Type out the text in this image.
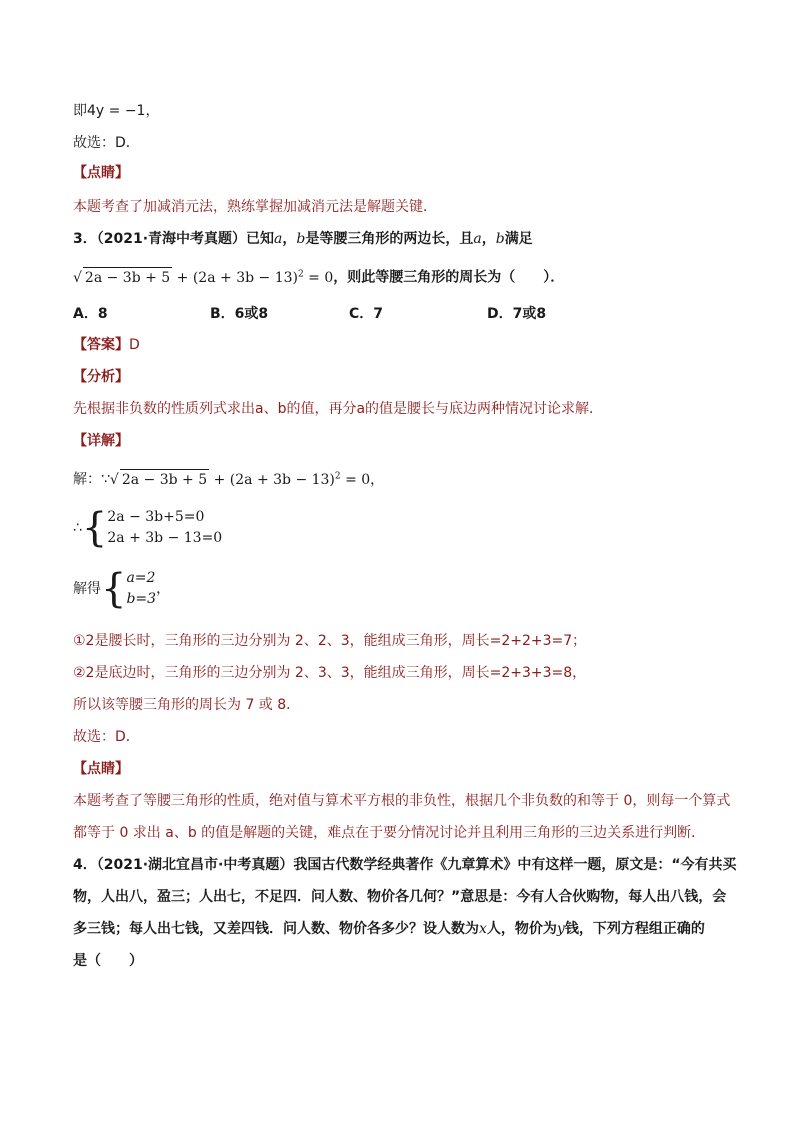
即4y = −1，
故选：D．
【点睛】
本题考查了加减消元法，熟练掌握加减消元法是解题关键．
3．（2021·青海中考真题）已知a，b是等腰三角形的两边长，且a，b满足
√ $2a - 3b + 5 + (2a + 3b - 13)^2 = 0$，则此等腰三角形的周长为（　　）．
A．8	B．6或8	C．7	D．7或8
【答案】D
【分析】
先根据非负数的性质列式求出a、b的值，再分a的值是腰长与底边两种情况讨论求解．
【详解】
解：∵√ $2a - 3b + 5 + (2a + 3b - 13)^2 = 0$，
∴{ 2a − 3b+5=0
2a + 3b − 13=0
解得{ a=2
b=3
，
①2是腰长时，三角形的三边分别为 2、2、3，能组成三角形，周长=2+2+3=7；
②2是底边时，三角形的三边分别为 2、3、3，能组成三角形，周长=2+3+3=8，
所以该等腰三角形的周长为 7 或 8．
故选：D．
【点睛】
本题考查了等腰三角形的性质，绝对值与算术平方根的非负性，根据几个非负数的和等于 0，则每一个算式
都等于 0 求出 a、b 的值是解题的关键，难点在于要分情况讨论并且利用三角形的三边关系进行判断．
4．（2021·湖北宜昌市·中考真题）我国古代数学经典著作《九章算术》中有这样一题，原文是：“今有共买
物，人出八，盈三；人出七，不足四．问人数、物价各几何？”意思是：今有人合伙购物，每人出八钱，会
多三钱；每人出七钱，又差四钱．问人数、物价各多少？设人数为x人，物价为y钱，下列方程组正确的
是（　　）
